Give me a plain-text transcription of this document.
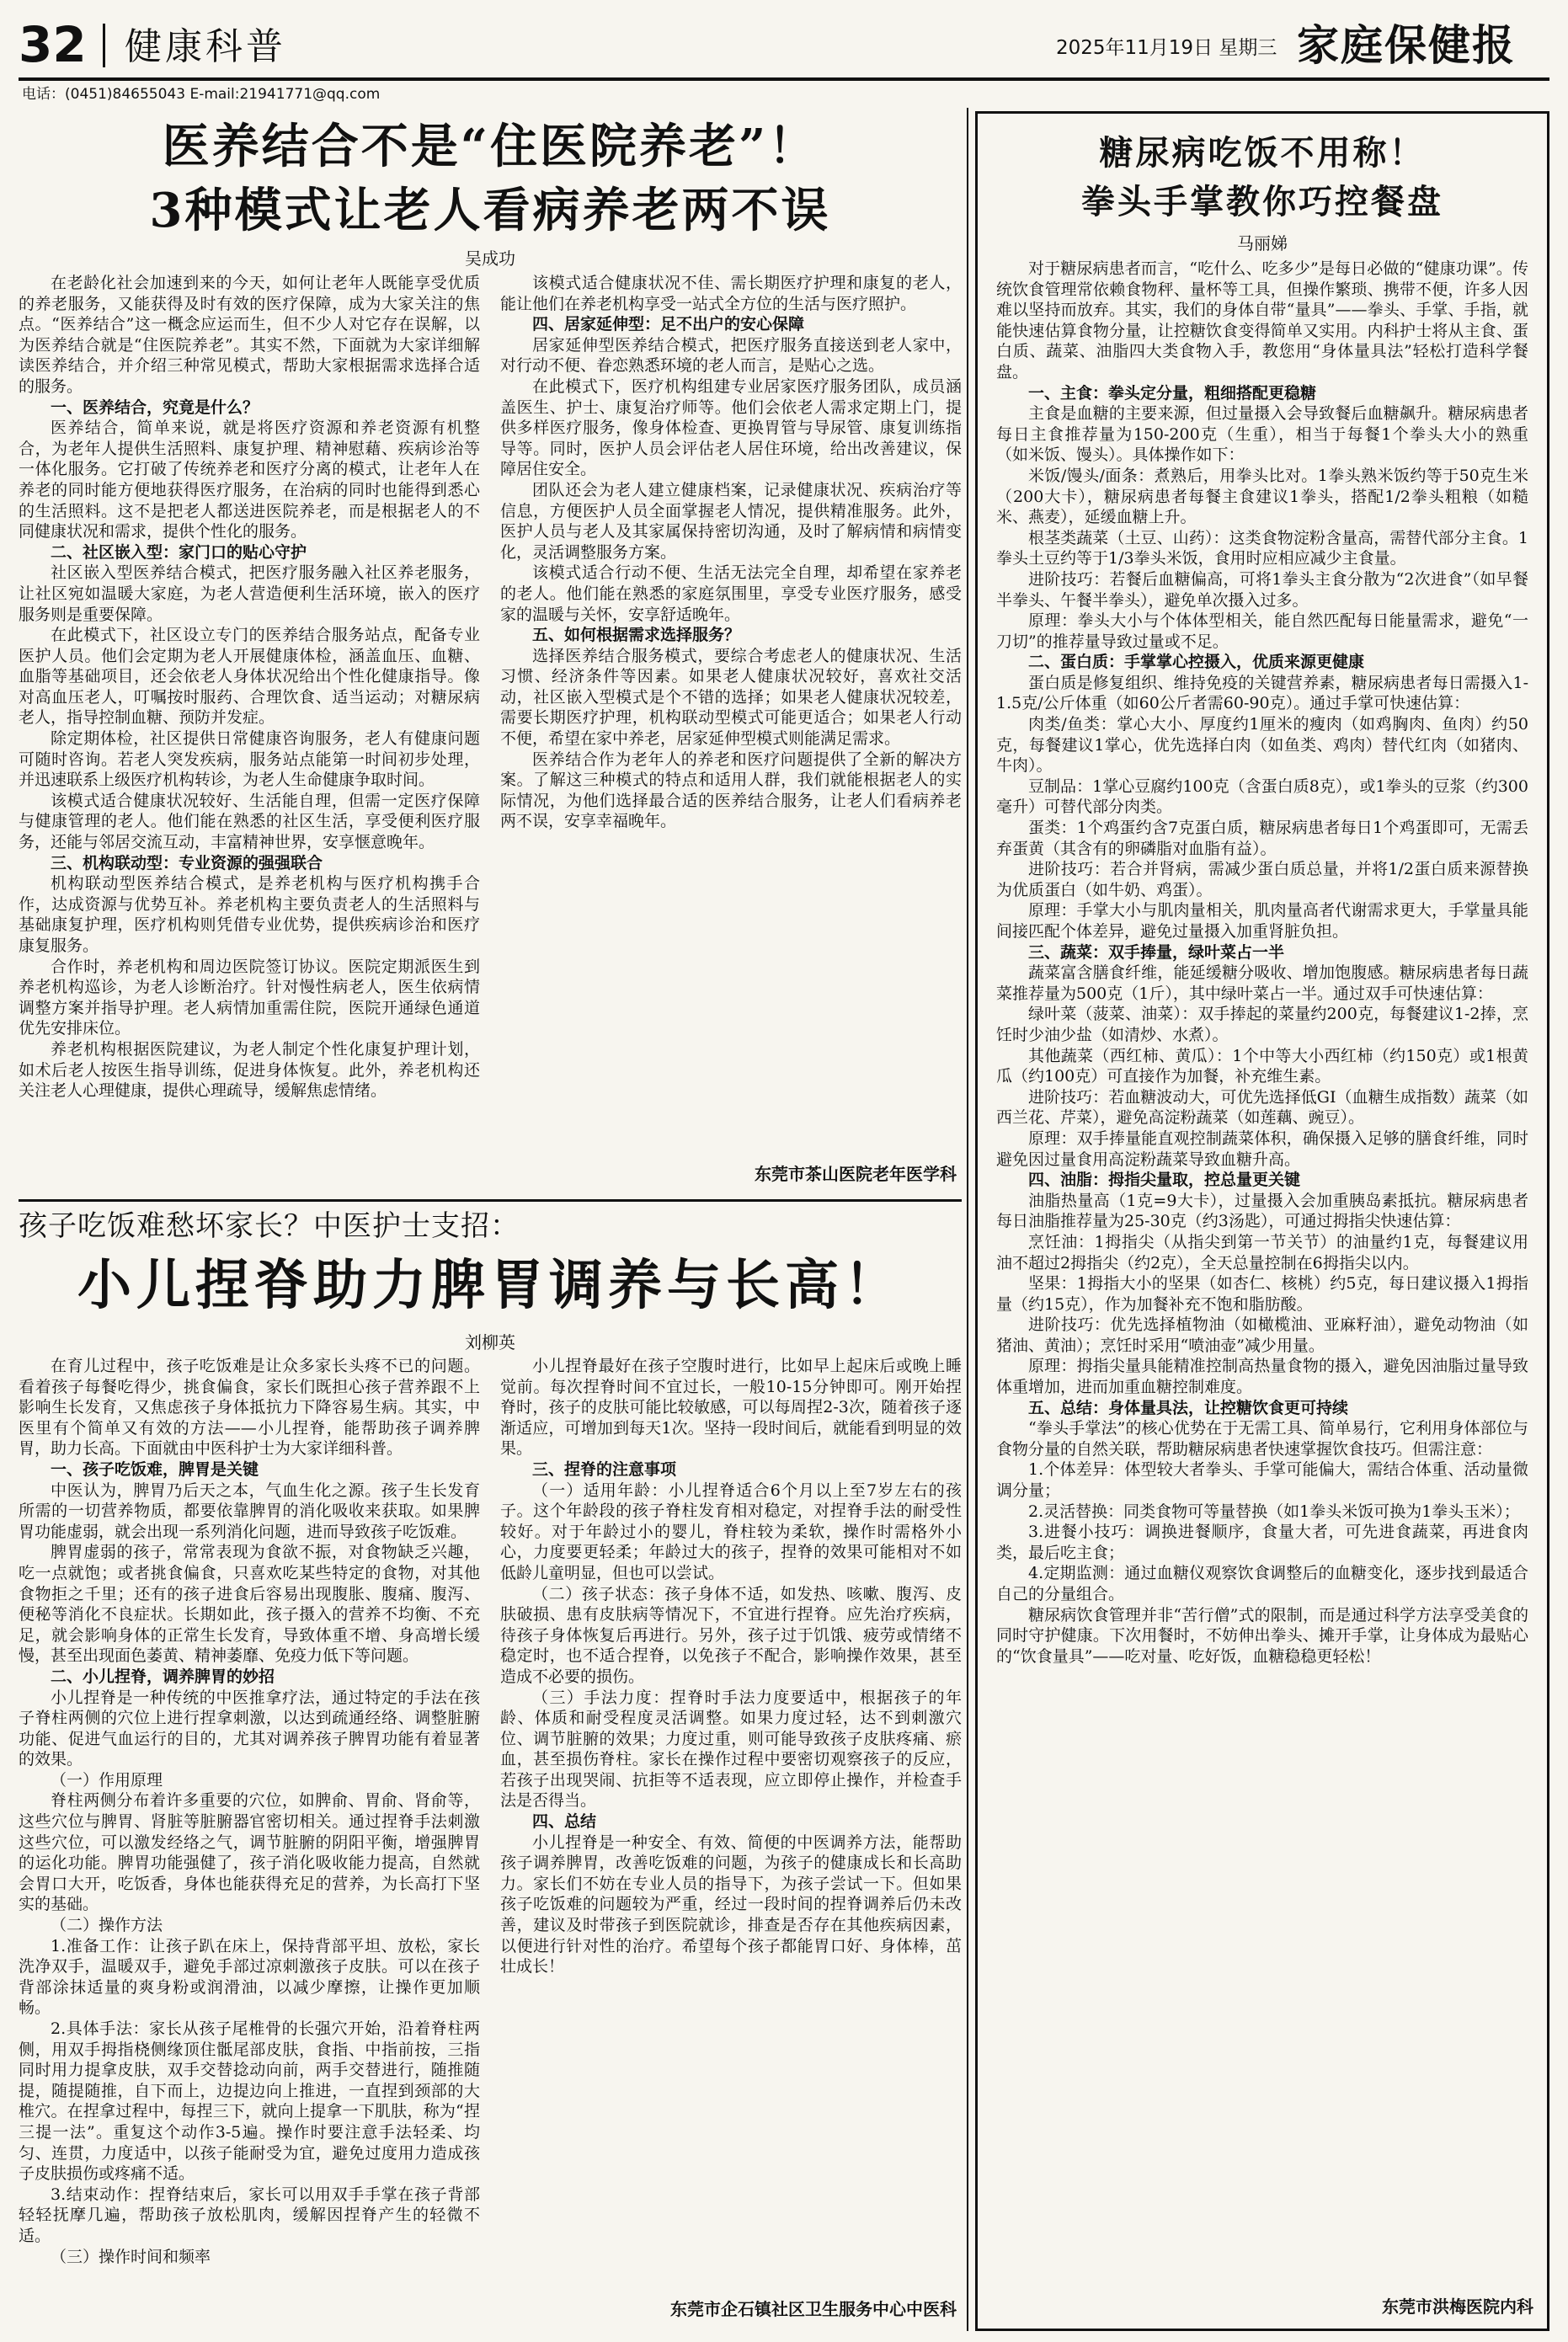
32 健康科普	2025年11月19日 星期三 家庭保健报
电话：(0451)84655043 E-mail:21941771@qq.com
医养结合不是“住医院养老”！
3种模式让老人看病养老两不误
吴成功

在老龄化社会加速到来的今天，如何让老年人既能享受优质的养老服务，又能获得及时有效的医疗保障，成为大家关注的焦点。“医养结合”这一概念应运而生，但不少人对它存在误解，以为医养结合就是“住医院养老”。其实不然，下面就为大家详细解读医养结合，并介绍三种常见模式，帮助大家根据需求选择合适的服务。

一、医养结合，究竟是什么？

医养结合，简单来说，就是将医疗资源和养老资源有机整合，为老年人提供生活照料、康复护理、精神慰藉、疾病诊治等一体化服务。它打破了传统养老和医疗分离的模式，让老年人在养老的同时能方便地获得医疗服务，在治病的同时也能得到悉心的生活照料。这不是把老人都送进医院养老，而是根据老人的不同健康状况和需求，提供个性化的服务。

二、社区嵌入型：家门口的贴心守护

社区嵌入型医养结合模式，把医疗服务融入社区养老服务，让社区宛如温暖大家庭，为老人营造便利生活环境，嵌入的医疗服务则是重要保障。

在此模式下，社区设立专门的医养结合服务站点，配备专业医护人员。他们会定期为老人开展健康体检，涵盖血压、血糖、血脂等基础项目，还会依老人身体状况给出个性化健康指导。像对高血压老人，叮嘱按时服药、合理饮食、适当运动；对糖尿病老人，指导控制血糖、预防并发症。

除定期体检，社区提供日常健康咨询服务，老人有健康问题可随时咨询。若老人突发疾病，服务站点能第一时间初步处理，并迅速联系上级医疗机构转诊，为老人生命健康争取时间。

该模式适合健康状况较好、生活能自理，但需一定医疗保障与健康管理的老人。他们能在熟悉的社区生活，享受便利医疗服务，还能与邻居交流互动，丰富精神世界，安享惬意晚年。

三、机构联动型：专业资源的强强联合

机构联动型医养结合模式，是养老机构与医疗机构携手合作，达成资源与优势互补。养老机构主要负责老人的生活照料与基础康复护理，医疗机构则凭借专业优势，提供疾病诊治和医疗康复服务。

合作时，养老机构和周边医院签订协议。医院定期派医生到养老机构巡诊，为老人诊断治疗。针对慢性病老人，医生依病情调整方案并指导护理。老人病情加重需住院，医院开通绿色通道优先安排床位。

养老机构根据医院建议，为老人制定个性化康复护理计划，如术后老人按医生指导训练，促进身体恢复。此外，养老机构还关注老人心理健康，提供心理疏导，缓解焦虑情绪。

该模式适合健康状况不佳、需长期医疗护理和康复的老人，能让他们在养老机构享受一站式全方位的生活与医疗照护。

四、居家延伸型：足不出户的安心保障

居家延伸型医养结合模式，把医疗服务直接送到老人家中，对行动不便、眷恋熟悉环境的老人而言，是贴心之选。

在此模式下，医疗机构组建专业居家医疗服务团队，成员涵盖医生、护士、康复治疗师等。他们会依老人需求定期上门，提供多样医疗服务，像身体检查、更换胃管与导尿管、康复训练指导等。同时，医护人员会评估老人居住环境，给出改善建议，保障居住安全。

团队还会为老人建立健康档案，记录健康状况、疾病治疗等信息，方便医护人员全面掌握老人情况，提供精准服务。此外，医护人员与老人及其家属保持密切沟通，及时了解病情和病情变化，灵活调整服务方案。

该模式适合行动不便、生活无法完全自理，却希望在家养老的老人。他们能在熟悉的家庭氛围里，享受专业医疗服务，感受家的温暖与关怀，安享舒适晚年。

五、如何根据需求选择服务？

选择医养结合服务模式，要综合考虑老人的健康状况、生活习惯、经济条件等因素。如果老人健康状况较好，喜欢社交活动，社区嵌入型模式是个不错的选择；如果老人健康状况较差，需要长期医疗护理，机构联动型模式可能更适合；如果老人行动不便，希望在家中养老，居家延伸型模式则能满足需求。

医养结合作为老年人的养老和医疗问题提供了全新的解决方案。了解这三种模式的特点和适用人群，我们就能根据老人的实际情况，为他们选择最合适的医养结合服务，让老人们看病养老两不误，安享幸福晚年。

东莞市茶山医院老年医学科
孩子吃饭难愁坏家长？中医护士支招：
小儿捏脊助力脾胃调养与长高！
刘柳英

在育儿过程中，孩子吃饭难是让众多家长头疼不已的问题。看着孩子每餐吃得少，挑食偏食，家长们既担心孩子营养跟不上影响生长发育，又焦虑孩子身体抵抗力下降容易生病。其实，中医里有个简单又有效的方法——小儿捏脊，能帮助孩子调养脾胃，助力长高。下面就由中医科护士为大家详细科普。

一、孩子吃饭难，脾胃是关键

中医认为，脾胃乃后天之本，气血生化之源。孩子生长发育所需的一切营养物质，都要依靠脾胃的消化吸收来获取。如果脾胃功能虚弱，就会出现一系列消化问题，进而导致孩子吃饭难。

脾胃虚弱的孩子，常常表现为食欲不振，对食物缺乏兴趣，吃一点就饱；或者挑食偏食，只喜欢吃某些特定的食物，对其他食物拒之千里；还有的孩子进食后容易出现腹胀、腹痛、腹泻、便秘等消化不良症状。长期如此，孩子摄入的营养不均衡、不充足，就会影响身体的正常生长发育，导致体重不增、身高增长缓慢，甚至出现面色萎黄、精神萎靡、免疫力低下等问题。

二、小儿捏脊，调养脾胃的妙招

小儿捏脊是一种传统的中医推拿疗法，通过特定的手法在孩子脊柱两侧的穴位上进行捏拿刺激，以达到疏通经络、调整脏腑功能、促进气血运行的目的，尤其对调养孩子脾胃功能有着显著的效果。

（一）作用原理

脊柱两侧分布着许多重要的穴位，如脾俞、胃俞、肾俞等，这些穴位与脾胃、肾脏等脏腑器官密切相关。通过捏脊手法刺激这些穴位，可以激发经络之气，调节脏腑的阴阳平衡，增强脾胃的运化功能。脾胃功能强健了，孩子消化吸收能力提高，自然就会胃口大开，吃饭香，身体也能获得充足的营养，为长高打下坚实的基础。

（二）操作方法

1.准备工作：让孩子趴在床上，保持背部平坦、放松，家长洗净双手，温暖双手，避免手部过凉刺激孩子皮肤。可以在孩子背部涂抹适量的爽身粉或润滑油，以减少摩擦，让操作更加顺畅。

2.具体手法：家长从孩子尾椎骨的长强穴开始，沿着脊柱两侧，用双手拇指桡侧缘顶住骶尾部皮肤，食指、中指前按，三指同时用力提拿皮肤，双手交替捻动向前，两手交替进行，随推随提，随提随推，自下而上，边提边向上推进，一直捏到颈部的大椎穴。在捏拿过程中，每捏三下，就向上提拿一下肌肤，称为“捏三提一法”。重复这个动作3-5遍。操作时要注意手法轻柔、均匀、连贯，力度适中，以孩子能耐受为宜，避免过度用力造成孩子皮肤损伤或疼痛不适。

3.结束动作：捏脊结束后，家长可以用双手手掌在孩子背部轻轻抚摩几遍，帮助孩子放松肌肉，缓解因捏脊产生的轻微不适。

（三）操作时间和频率

小儿捏脊最好在孩子空腹时进行，比如早上起床后或晚上睡觉前。每次捏脊时间不宜过长，一般10-15分钟即可。刚开始捏脊时，孩子的皮肤可能比较敏感，可以每周捏2-3次，随着孩子逐渐适应，可增加到每天1次。坚持一段时间后，就能看到明显的效果。

三、捏脊的注意事项

（一）适用年龄：小儿捏脊适合6个月以上至7岁左右的孩子。这个年龄段的孩子脊柱发育相对稳定，对捏脊手法的耐受性较好。对于年龄过小的婴儿，脊柱较为柔软，操作时需格外小心，力度要更轻柔；年龄过大的孩子，捏脊的效果可能相对不如低龄儿童明显，但也可以尝试。

（二）孩子状态：孩子身体不适，如发热、咳嗽、腹泻、皮肤破损、患有皮肤病等情况下，不宜进行捏脊。应先治疗疾病，待孩子身体恢复后再进行。另外，孩子过于饥饿、疲劳或情绪不稳定时，也不适合捏脊，以免孩子不配合，影响操作效果，甚至造成不必要的损伤。

（三）手法力度：捏脊时手法力度要适中，根据孩子的年龄、体质和耐受程度灵活调整。如果力度过轻，达不到刺激穴位、调节脏腑的效果；力度过重，则可能导致孩子皮肤疼痛、瘀血，甚至损伤脊柱。家长在操作过程中要密切观察孩子的反应，若孩子出现哭闹、抗拒等不适表现，应立即停止操作，并检查手法是否得当。

四、总结

小儿捏脊是一种安全、有效、简便的中医调养方法，能帮助孩子调养脾胃，改善吃饭难的问题，为孩子的健康成长和长高助力。家长们不妨在专业人员的指导下，为孩子尝试一下。但如果孩子吃饭难的问题较为严重，经过一段时间的捏脊调养后仍未改善，建议及时带孩子到医院就诊，排查是否存在其他疾病因素，以便进行针对性的治疗。希望每个孩子都能胃口好、身体棒，茁壮成长！

东莞市企石镇社区卫生服务中心中医科
糖尿病吃饭不用称！
拳头手掌教你巧控餐盘
马丽娣

对于糖尿病患者而言，“吃什么、吃多少”是每日必做的“健康功课”。传统饮食管理常依赖食物秤、量杯等工具，但操作繁琐、携带不便，许多人因难以坚持而放弃。其实，我们的身体自带“量具”——拳头、手掌、手指，就能快速估算食物分量，让控糖饮食变得简单又实用。内科护士将从主食、蛋白质、蔬菜、油脂四大类食物入手，教您用“身体量具法”轻松打造科学餐盘。

一、主食：拳头定分量，粗细搭配更稳糖

主食是血糖的主要来源，但过量摄入会导致餐后血糖飙升。糖尿病患者每日主食推荐量为150-200克（生重），相当于每餐1个拳头大小的熟重（如米饭、馒头）。具体操作如下：

米饭/馒头/面条：煮熟后，用拳头比对。1拳头熟米饭约等于50克生米（200大卡），糖尿病患者每餐主食建议1拳头，搭配1/2拳头粗粮（如糙米、燕麦），延缓血糖上升。

根茎类蔬菜（土豆、山药）：这类食物淀粉含量高，需替代部分主食。1拳头土豆约等于1/3拳头米饭，食用时应相应减少主食量。

进阶技巧：若餐后血糖偏高，可将1拳头主食分散为“2次进食”（如早餐半拳头、午餐半拳头），避免单次摄入过多。

原理：拳头大小与个体体型相关，能自然匹配每日能量需求，避免“一刀切”的推荐量导致过量或不足。

二、蛋白质：手掌掌心控摄入，优质来源更健康

蛋白质是修复组织、维持免疫的关键营养素，糖尿病患者每日需摄入1-1.5克/公斤体重（如60公斤者需60-90克）。通过手掌可快速估算：

肉类/鱼类：掌心大小、厚度约1厘米的瘦肉（如鸡胸肉、鱼肉）约50克，每餐建议1掌心，优先选择白肉（如鱼类、鸡肉）替代红肉（如猪肉、牛肉）。

豆制品：1掌心豆腐约100克（含蛋白质8克），或1拳头的豆浆（约300毫升）可替代部分肉类。

蛋类：1个鸡蛋约含7克蛋白质，糖尿病患者每日1个鸡蛋即可，无需丢弃蛋黄（其含有的卵磷脂对血脂有益）。

进阶技巧：若合并肾病，需减少蛋白质总量，并将1/2蛋白质来源替换为优质蛋白（如牛奶、鸡蛋）。

原理：手掌大小与肌肉量相关，肌肉量高者代谢需求更大，手掌量具能间接匹配个体差异，避免过量摄入加重肾脏负担。

三、蔬菜：双手捧量，绿叶菜占一半

蔬菜富含膳食纤维，能延缓糖分吸收、增加饱腹感。糖尿病患者每日蔬菜推荐量为500克（1斤），其中绿叶菜占一半。通过双手可快速估算：

绿叶菜（菠菜、油菜）：双手捧起的菜量约200克，每餐建议1-2捧，烹饪时少油少盐（如清炒、水煮）。

其他蔬菜（西红柿、黄瓜）：1个中等大小西红柿（约150克）或1根黄瓜（约100克）可直接作为加餐，补充维生素。

进阶技巧：若血糖波动大，可优先选择低GI（血糖生成指数）蔬菜（如西兰花、芹菜），避免高淀粉蔬菜（如莲藕、豌豆）。

原理：双手捧量能直观控制蔬菜体积，确保摄入足够的膳食纤维，同时避免因过量食用高淀粉蔬菜导致血糖升高。

四、油脂：拇指尖量取，控总量更关键

油脂热量高（1克=9大卡），过量摄入会加重胰岛素抵抗。糖尿病患者每日油脂推荐量为25-30克（约3汤匙），可通过拇指尖快速估算：

烹饪油：1拇指尖（从指尖到第一节关节）的油量约1克，每餐建议用油不超过2拇指尖（约2克），全天总量控制在6拇指尖以内。

坚果：1拇指大小的坚果（如杏仁、核桃）约5克，每日建议摄入1拇指量（约15克），作为加餐补充不饱和脂肪酸。

进阶技巧：优先选择植物油（如橄榄油、亚麻籽油），避免动物油（如猪油、黄油）；烹饪时采用“喷油壶”减少用量。

原理：拇指尖量具能精准控制高热量食物的摄入，避免因油脂过量导致体重增加，进而加重血糖控制难度。

五、总结：身体量具法，让控糖饮食更可持续

“拳头手掌法”的核心优势在于无需工具、简单易行，它利用身体部位与食物分量的自然关联，帮助糖尿病患者快速掌握饮食技巧。但需注意：

1.个体差异：体型较大者拳头、手掌可能偏大，需结合体重、活动量微调分量；

2.灵活替换：同类食物可等量替换（如1拳头米饭可换为1拳头玉米）；

3.进餐小技巧：调换进餐顺序，食量大者，可先进食蔬菜，再进食肉类，最后吃主食；

4.定期监测：通过血糖仪观察饮食调整后的血糖变化，逐步找到最适合自己的分量组合。

糖尿病饮食管理并非“苦行僧”式的限制，而是通过科学方法享受美食的同时守护健康。下次用餐时，不妨伸出拳头、摊开手掌，让身体成为最贴心的“饮食量具”——吃对量、吃好饭，血糖稳稳更轻松！

东莞市洪梅医院内科
